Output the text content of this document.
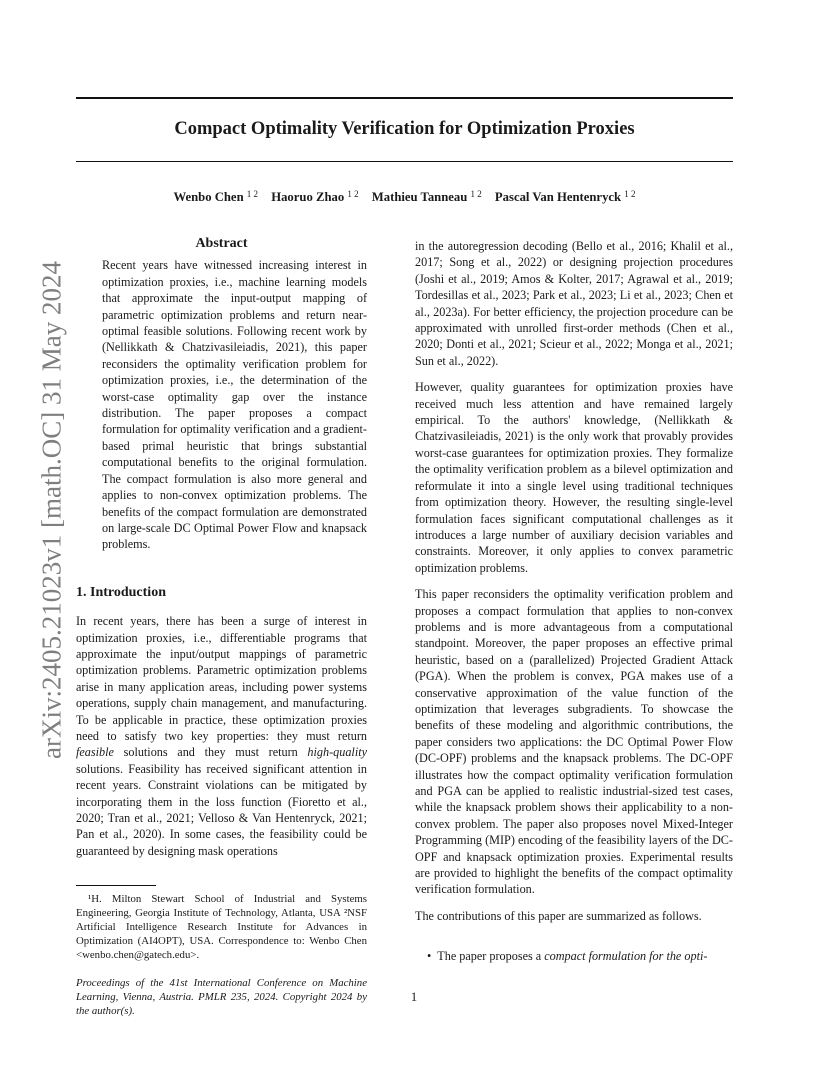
Compact Optimality Verification for Optimization Proxies
Wenbo Chen $^{1 2}$ Haoruo Zhao $^{1 2}$ Mathieu Tanneau $^{1 2}$ Pascal Van Hentenryck $^{1 2}$
arXiv:2405.21023v1 [math.OC] 31 May 2024
Abstract

Recent years have witnessed increasing interest in optimization proxies, i.e., machine learning models that approximate the input-output mapping of parametric optimization problems and return near-optimal feasible solutions. Following recent work by (Nellikkath & Chatzivasileiadis, 2021), this paper reconsiders the optimality verification problem for optimization proxies, i.e., the determination of the worst-case optimality gap over the instance distribution. The paper proposes a compact formulation for optimality verification and a gradient-based primal heuristic that brings substantial computational benefits to the original formulation. The compact formulation is also more general and applies to non-convex optimization problems. The benefits of the compact formulation are demonstrated on large-scale DC Optimal Power Flow and knapsack problems.

1. Introduction

In recent years, there has been a surge of interest in optimization proxies, i.e., differentiable programs that approximate the input/output mappings of parametric optimization problems. Parametric optimization problems arise in many application areas, including power systems operations, supply chain management, and manufacturing. To be applicable in practice, these optimization proxies need to satisfy two key properties: they must return feasible solutions and they must return high-quality solutions. Feasibility has received significant attention in recent years. Constraint violations can be mitigated by incorporating them in the loss function (Fioretto et al., 2020; Tran et al., 2021; Velloso & Van Hentenryck, 2021; Pan et al., 2020). In some cases, the feasibility could be guaranteed by designing mask operations

¹H. Milton Stewart School of Industrial and Systems Engineering, Georgia Institute of Technology, Atlanta, USA ²NSF Artificial Intelligence Research Institute for Advances in Optimization (AI4OPT), USA. Correspondence to: Wenbo Chen <wenbo.chen@gatech.edu>.

Proceedings of the 41st International Conference on Machine Learning, Vienna, Austria. PMLR 235, 2024. Copyright 2024 by the author(s).

in the autoregression decoding (Bello et al., 2016; Khalil et al., 2017; Song et al., 2022) or designing projection procedures (Joshi et al., 2019; Amos & Kolter, 2017; Agrawal et al., 2019; Tordesillas et al., 2023; Park et al., 2023; Li et al., 2023; Chen et al., 2023a). For better efficiency, the projection procedure can be approximated with unrolled first-order methods (Chen et al., 2020; Donti et al., 2021; Scieur et al., 2022; Monga et al., 2021; Sun et al., 2022).

However, quality guarantees for optimization proxies have received much less attention and have remained largely empirical. To the authors' knowledge, (Nellikkath & Chatzivasileiadis, 2021) is the only work that provably provides worst-case guarantees for optimization proxies. They formalize the optimality verification problem as a bilevel optimization and reformulate it into a single level using traditional techniques from optimization theory. However, the resulting single-level formulation faces significant computational challenges as it introduces a large number of auxiliary decision variables and constraints. Moreover, it only applies to convex parametric optimization problems.

This paper reconsiders the optimality verification problem and proposes a compact formulation that applies to non-convex problems and is more advantageous from a computational standpoint. Moreover, the paper proposes an effective primal heuristic, based on a (parallelized) Projected Gradient Attack (PGA). When the problem is convex, PGA makes use of a conservative approximation of the value function of the optimization that leverages subgradients. To showcase the benefits of these modeling and algorithmic contributions, the paper considers two applications: the DC Optimal Power Flow (DC-OPF) problems and the knapsack problems. The DC-OPF illustrates how the compact optimality verification formulation and PGA can be applied to realistic industrial-sized test cases, while the knapsack problem shows their applicability to a non-convex problem. The paper also proposes novel Mixed-Integer Programming (MIP) encoding of the feasibility layers of the DC-OPF and knapsack optimization proxies. Experimental results are provided to highlight the benefits of the compact optimality verification formulation.

The contributions of this paper are summarized as follows.

• The paper proposes a compact formulation for the opti-

1
